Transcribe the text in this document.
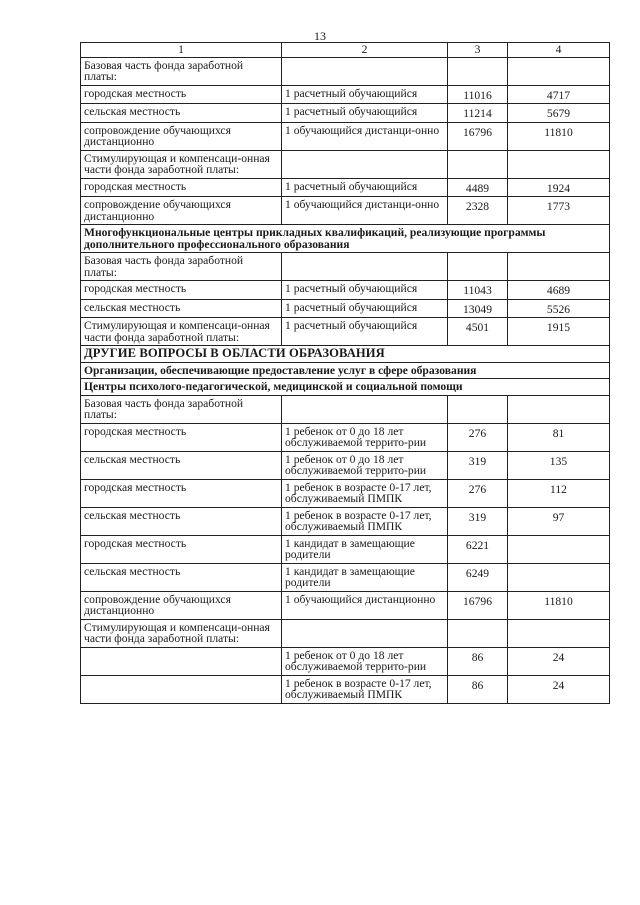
13
1	2	3	4
Базовая часть фонда заработной платы:			
городская местность	1 расчетный обучающийся	11016	4717
сельская местность	1 расчетный обучающийся	11214	5679
сопровождение обучающихся дистанционно	1 обучающийся дистанци-онно	16796	11810
Стимулирующая и компенсаци-онная части фонда заработной платы:			
городская местность	1 расчетный обучающийся	4489	1924
сопровождение обучающихся дистанционно	1 обучающийся дистанци-онно	2328	1773
Многофункциональные центры прикладных квалификаций, реализующие программы дополнительного профессионального образования			
Базовая часть фонда заработной платы:			
городская местность	1 расчетный обучающийся	11043	4689
сельская местность	1 расчетный обучающийся	13049	5526
Стимулирующая и компенсаци-онная части фонда заработной платы:	1 расчетный обучающийся	4501	1915
ДРУГИЕ ВОПРОСЫ В ОБЛАСТИ ОБРАЗОВАНИЯ			
Организации, обеспечивающие предоставление услуг в сфере образования			
Центры психолого-педагогической, медицинской и социальной помощи			
Базовая часть фонда заработной платы:			
городская местность	1 ребенок от 0 до 18 лет обслуживаемой террито-рии	276	81
сельская местность	1 ребенок от 0 до 18 лет обслуживаемой террито-рии	319	135
городская местность	1 ребенок в возрасте 0-17 лет, обслуживаемый ПМПК	276	112
сельская местность	1 ребенок в возрасте 0-17 лет, обслуживаемый ПМПК	319	97
городская местность	1 кандидат в замещающие родители	6221	
сельская местность	1 кандидат в замещающие родители	6249	
сопровождение обучающихся дистанционно	1 обучающийся дистанционно	16796	11810
Стимулирующая и компенсаци-онная части фонда заработной платы:			
	1 ребенок от 0 до 18 лет обслуживаемой террито-рии	86	24
	1 ребенок в возрасте 0-17 лет, обслуживаемый ПМПК	86	24
